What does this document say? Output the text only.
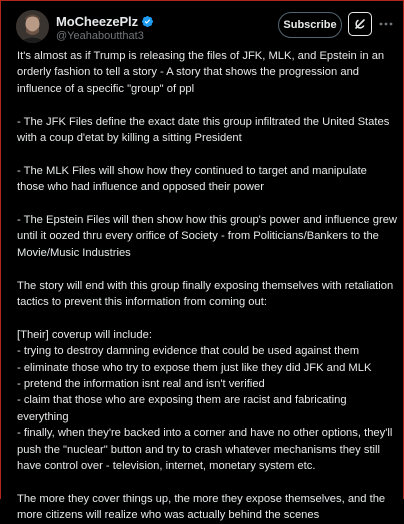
MoCheezePlz
@Yeahaboutthat3
Subscribe

It's almost as if Trump is releasing the files of JFK, MLK, and Epstein in an orderly fashion to tell a story - A story that shows the progression and influence of a specific "group" of ppl

- The JFK Files define the exact date this group infiltrated the United States with a coup d'etat by killing a sitting President

- The MLK Files will show how they continued to target and manipulate those who had influence and opposed their power

- The Epstein Files will then show how this group's power and influence grew until it oozed thru every orifice of Society - from Politicians/Bankers to the Movie/Music Industries

The story will end with this group finally exposing themselves with retaliation tactics to prevent this information from coming out:

[Their] coverup will include:
- trying to destroy damning evidence that could be used against them
- eliminate those who try to expose them just like they did JFK and MLK
- pretend the information isnt real and isn't verified
- claim that those who are exposing them are racist and fabricating everything
- finally, when they're backed into a corner and have no other options, they'll push the "nuclear" button and try to crash whatever mechanisms they still have control over - television, internet, monetary system etc.

The more they cover things up, the more they expose themselves, and the more citizens will realize who was actually behind the scenes
